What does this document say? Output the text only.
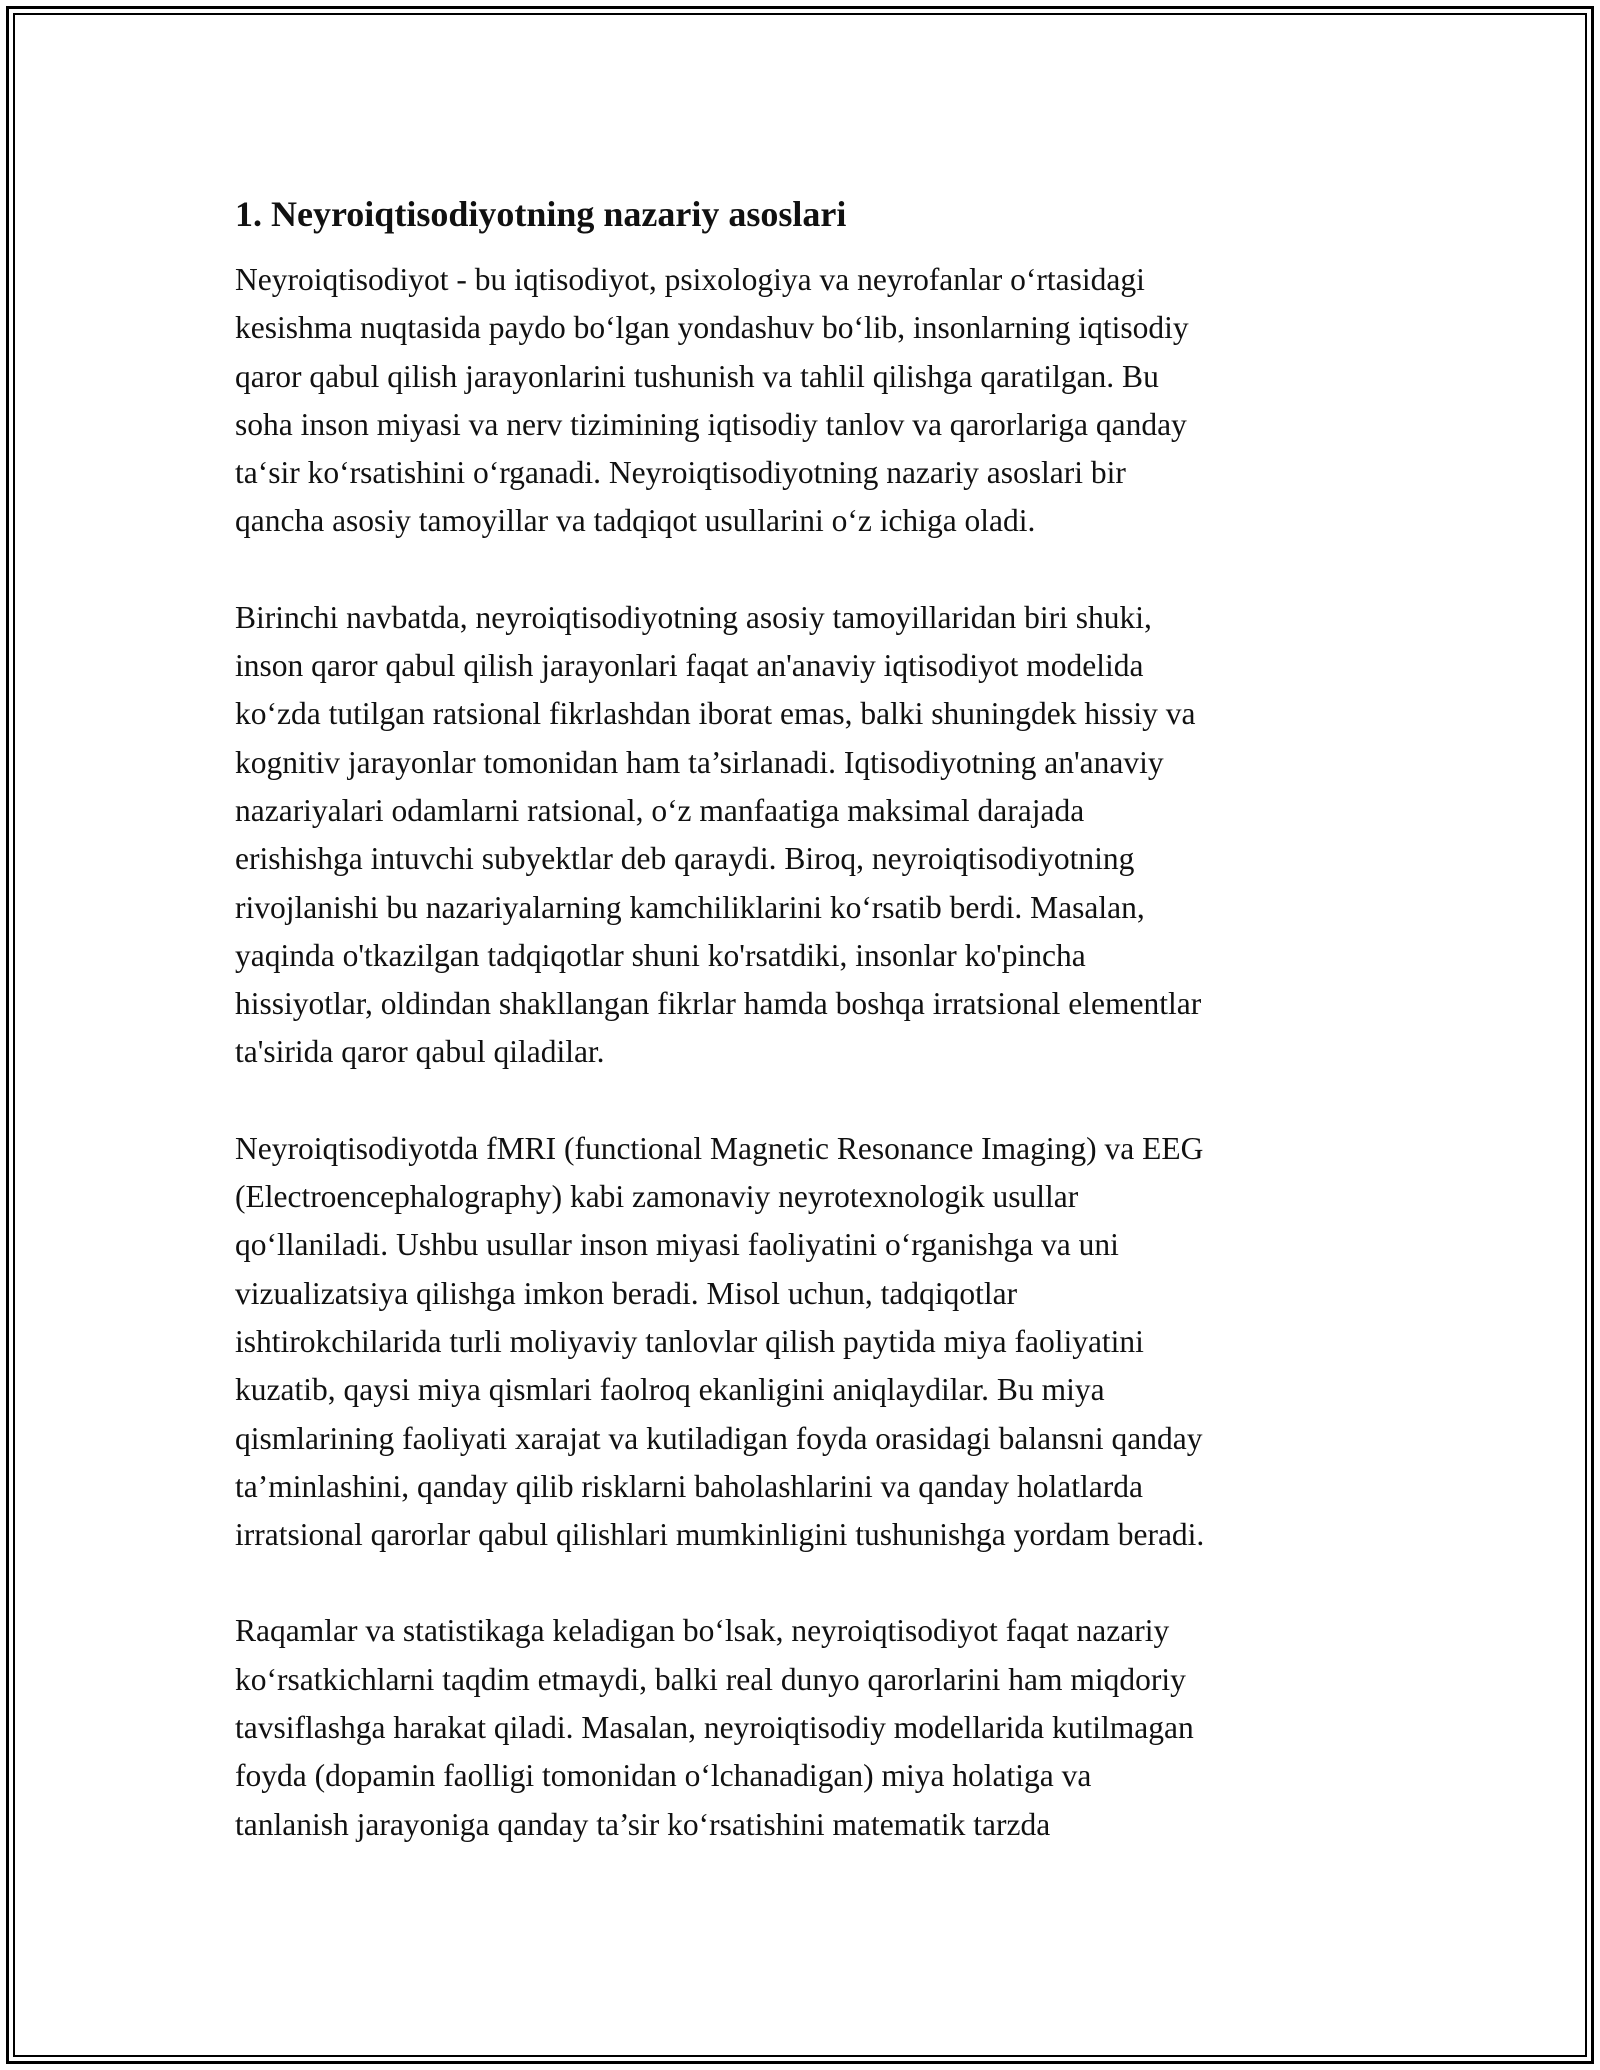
1. Neyroiqtisodiyotning nazariy asoslari

Neyroiqtisodiyot - bu iqtisodiyot, psixologiya va neyrofanlar oʻrtasidagi
kesishma nuqtasida paydo boʻlgan yondashuv boʻlib, insonlarning iqtisodiy
qaror qabul qilish jarayonlarini tushunish va tahlil qilishga qaratilgan. Bu
soha inson miyasi va nerv tizimining iqtisodiy tanlov va qarorlariga qanday
taʻsir koʻrsatishini oʻrganadi. Neyroiqtisodiyotning nazariy asoslari bir
qancha asosiy tamoyillar va tadqiqot usullarini oʻz ichiga oladi.

Birinchi navbatda, neyroiqtisodiyotning asosiy tamoyillaridan biri shuki,
inson qaror qabul qilish jarayonlari faqat an'anaviy iqtisodiyot modelida
koʻzda tutilgan ratsional fikrlashdan iborat emas, balki shuningdek hissiy va
kognitiv jarayonlar tomonidan ham ta’sirlanadi. Iqtisodiyotning an'anaviy
nazariyalari odamlarni ratsional, oʻz manfaatiga maksimal darajada
erishishga intuvchi subyektlar deb qaraydi. Biroq, neyroiqtisodiyotning
rivojlanishi bu nazariyalarning kamchiliklarini koʻrsatib berdi. Masalan,
yaqinda o'tkazilgan tadqiqotlar shuni ko'rsatdiki, insonlar ko'pincha
hissiyotlar, oldindan shakllangan fikrlar hamda boshqa irratsional elementlar
ta'sirida qaror qabul qiladilar.

Neyroiqtisodiyotda fMRI (functional Magnetic Resonance Imaging) va EEG
(Electroencephalography) kabi zamonaviy neyrotexnologik usullar
qoʻllaniladi. Ushbu usullar inson miyasi faoliyatini oʻrganishga va uni
vizualizatsiya qilishga imkon beradi. Misol uchun, tadqiqotlar
ishtirokchilarida turli moliyaviy tanlovlar qilish paytida miya faoliyatini
kuzatib, qaysi miya qismlari faolroq ekanligini aniqlaydilar. Bu miya
qismlarining faoliyati xarajat va kutiladigan foyda orasidagi balansni qanday
ta’minlashini, qanday qilib risklarni baholashlarini va qanday holatlarda
irratsional qarorlar qabul qilishlari mumkinligini tushunishga yordam beradi.

Raqamlar va statistikaga keladigan boʻlsak, neyroiqtisodiyot faqat nazariy
koʻrsatkichlarni taqdim etmaydi, balki real dunyo qarorlarini ham miqdoriy
tavsiflashga harakat qiladi. Masalan, neyroiqtisodiy modellarida kutilmagan
foyda (dopamin faolligi tomonidan oʻlchanadigan) miya holatiga va
tanlanish jarayoniga qanday ta’sir koʻrsatishini matematik tarzda
